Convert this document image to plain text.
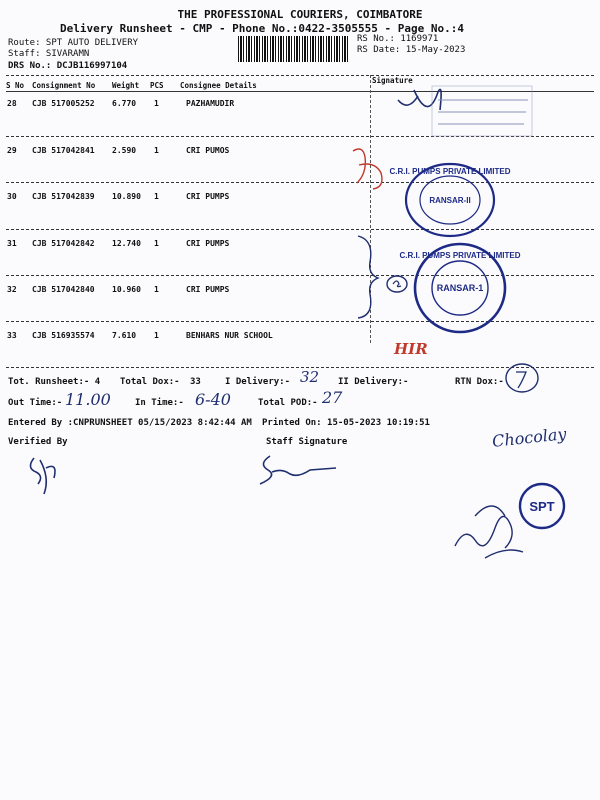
THE PROFESSIONAL COURIERS, COIMBATORE
Delivery Runsheet - CMP - Phone No.:0422-3505555 - Page No.:4
Route: SPT AUTO DELIVERY
Staff: SIVARAMN
DRS No.: DCJB116997104
RS No.: 1169971
RS Date: 15-May-2023
S No Consignment No Weight PCS Consignee Details
Signature
28 CJB 517005252 6.770 1	PAZHAMUDIR
29 CJB 517042841 2.590 1	CRI PUMOS
30 CJB 517042839 10.890 1	CRI PUMPS
31 CJB 517042842 12.740 1	CRI PUMPS
32 CJB 517042840 10.960 1	CRI PUMPS
33 CJB 516935574 7.610 1	BENHARS NUR SCHOOL
C.R.I. PUMPS PRIVATE LIMITED
RANSAR-II
C.R.I. PUMPS PRIVATE LIMITED
RANSAR-1
HIR
Tot. Runsheet:- 4 Total Dox:- 33	I Delivery:- 32 II Delivery:-	RTN Dox:-
Out Time:- 11.00	In Time:- 6-40	Total POD:- 27
Entered By :CNPRUNSHEET 05/15/2023 8:42:44 AM Printed On: 15-05-2023 10:19:51
Verified By	Staff Signature	Chocolay
SPT
